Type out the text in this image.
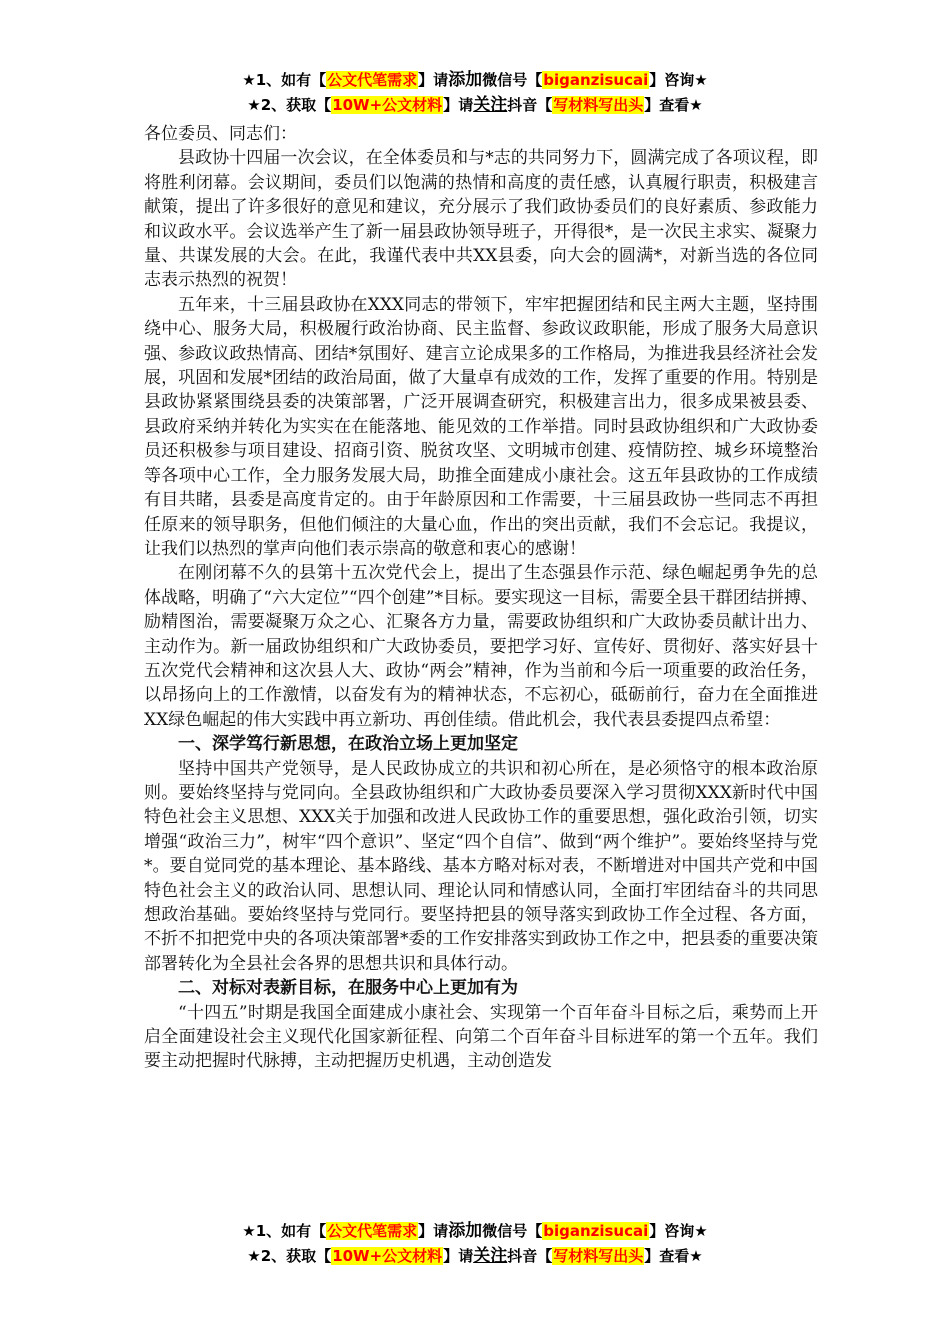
★1、如有【公文代笔需求】请添加微信号【biganzisucai】咨询★
★2、获取【10W+公文材料】请关注抖音【写材料写出头】查看★

各位委员、同志们：

县政协十四届一次会议，在全体委员和与*志的共同努力下，圆满完成了各项议程，即将胜利闭幕。会议期间，委员们以饱满的热情和高度的责任感，认真履行职责，积极建言献策，提出了许多很好的意见和建议，充分展示了我们政协委员们的良好素质、参政能力和议政水平。会议选举产生了新一届县政协领导班子，开得很*，是一次民主求实、凝聚力量、共谋发展的大会。在此，我谨代表中共XX县委，向大会的圆满*，对新当选的各位同志表示热烈的祝贺！

五年来，十三届县政协在XXX同志的带领下，牢牢把握团结和民主两大主题，坚持围绕中心、服务大局，积极履行政治协商、民主监督、参政议政职能，形成了服务大局意识强、参政议政热情高、团结*氛围好、建言立论成果多的工作格局，为推进我县经济社会发展，巩固和发展*团结的政治局面，做了大量卓有成效的工作，发挥了重要的作用。特别是县政协紧紧围绕县委的决策部署，广泛开展调查研究，积极建言出力，很多成果被县委、县政府采纳并转化为实实在在能落地、能见效的工作举措。同时县政协组织和广大政协委员还积极参与项目建设、招商引资、脱贫攻坚、文明城市创建、疫情防控、城乡环境整治等各项中心工作，全力服务发展大局，助推全面建成小康社会。这五年县政协的工作成绩有目共睹，县委是高度肯定的。由于年龄原因和工作需要，十三届县政协一些同志不再担任原来的领导职务，但他们倾注的大量心血，作出的突出贡献，我们不会忘记。我提议，让我们以热烈的掌声向他们表示崇高的敬意和衷心的感谢！

在刚闭幕不久的县第十五次党代会上，提出了生态强县作示范、绿色崛起勇争先的总体战略，明确了“六大定位”“四个创建”*目标。要实现这一目标，需要全县干群团结拼搏、励精图治，需要凝聚万众之心、汇聚各方力量，需要政协组织和广大政协委员献计出力、主动作为。新一届政协组织和广大政协委员，要把学习好、宣传好、贯彻好、落实好县十五次党代会精神和这次县人大、政协“两会”精神，作为当前和今后一项重要的政治任务，以昂扬向上的工作激情，以奋发有为的精神状态，不忘初心，砥砺前行，奋力在全面推进XX绿色崛起的伟大实践中再立新功、再创佳绩。借此机会，我代表县委提四点希望：

一、深学笃行新思想，在政治立场上更加坚定

坚持中国共产党领导，是人民政协成立的共识和初心所在，是必须恪守的根本政治原则。要始终坚持与党同向。全县政协组织和广大政协委员要深入学习贯彻XXX新时代中国特色社会主义思想、XXX关于加强和改进人民政协工作的重要思想，强化政治引领，切实增强“政治三力”，树牢“四个意识”、坚定“四个自信”、做到“两个维护”。要始终坚持与党*。要自觉同党的基本理论、基本路线、基本方略对标对表，不断增进对中国共产党和中国特色社会主义的政治认同、思想认同、理论认同和情感认同，全面打牢团结奋斗的共同思想政治基础。要始终坚持与党同行。要坚持把县的领导落实到政协工作全过程、各方面，不折不扣把党中央的各项决策部署*委的工作安排落实到政协工作之中，把县委的重要决策部署转化为全县社会各界的思想共识和具体行动。

二、对标对表新目标，在服务中心上更加有为

“十四五”时期是我国全面建成小康社会、实现第一个百年奋斗目标之后，乘势而上开启全面建设社会主义现代化国家新征程、向第二个百年奋斗目标进军的第一个五年。我们要主动把握时代脉搏，主动把握历史机遇，主动创造发

★1、如有【公文代笔需求】请添加微信号【biganzisucai】咨询★
★2、获取【10W+公文材料】请关注抖音【写材料写出头】查看★
